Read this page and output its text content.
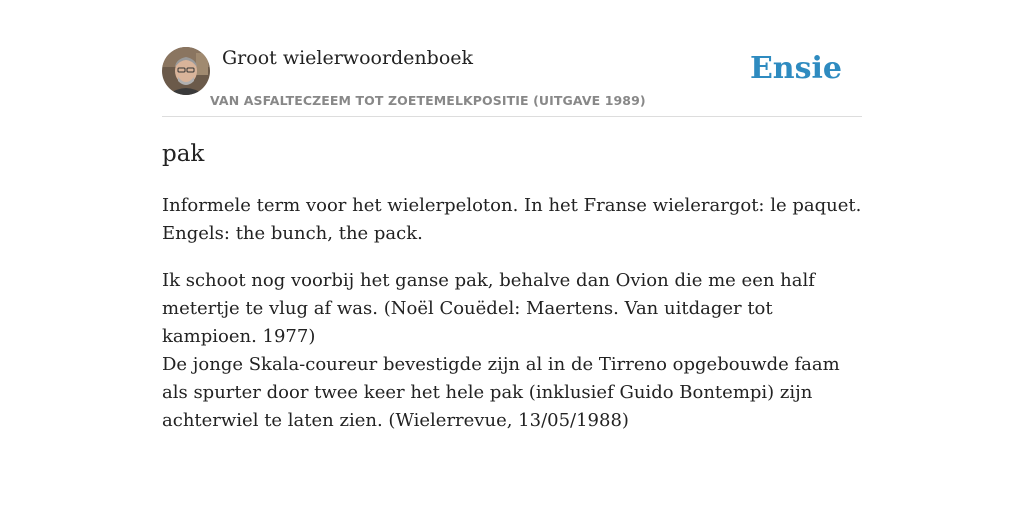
Groot wielerwoordenboek
VAN ASFALTECZEEM TOT ZOETEMELKPOSITIE (UITGAVE 1989)
Ensie
pak
Informele term voor het wielerpeloton. In het Franse wielerargot: le paquet. Engels: the bunch, the pack.
Ik schoot nog voorbij het ganse pak, behalve dan Ovion die me een half metertje te vlug af was. (Noël Couëdel: Maertens. Van uitdager tot kampioen. 1977)
De jonge Skala-coureur bevestigde zijn al in de Tirreno opgebouwde faam als spurter door twee keer het hele pak (inklusief Guido Bontempi) zijn achterwiel te laten zien. (Wielerrevue, 13/05/1988)
